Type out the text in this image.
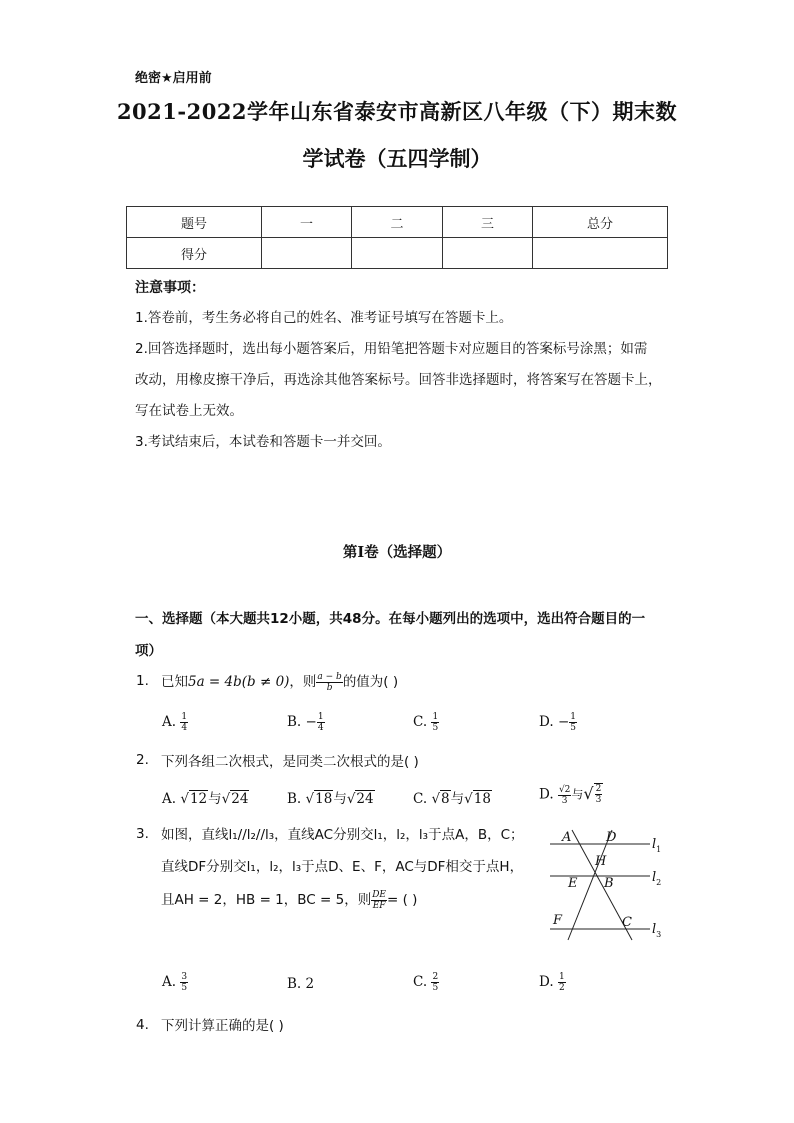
绝密★启用前
2021-2022学年山东省泰安市高新区八年级（下）期末数
学试卷（五四学制）
题号	一	二	三	总分
得分				
注意事项：
1.答卷前，考生务必将自己的姓名、准考证号填写在答题卡上。
2.回答选择题时，选出每小题答案后，用铅笔把答题卡对应题目的答案标号涂黑；如需
改动，用橡皮擦干净后，再选涂其他答案标号。回答非选择题时，将答案写在答题卡上，
写在试卷上无效。
3.考试结束后，本试卷和答题卡一并交回。
第Ⅰ卷（选择题）
一、选择题（本大题共12小题，共48分。在每小题列出的选项中，选出符合题目的一
项）
1. 已知5a = 4b(b ≠ 0)，则 $\frac{a - b}{b}$ 的值为( )
A. $\frac{1}{4}$	B. − $\frac{1}{4}$	C. $\frac{1}{5}$	D. − $\frac{1}{5}$
2. 下列各组二次根式，是同类二次根式的是( )
A. √12与√24	B. √18与√24	C. √8与√18	D. $\frac{√2}{3}$ 与√ $\frac{2}{3}$
3. 如图，直线l₁//l₂//l₃，直线AC分别交l₁，l₂，l₃于点A，B，C；
直线DF分别交l₁，l₂，l₃于点D、E、F，AC与DF相交于点H，
且AH = 2，HB = 1，BC = 5，则 $\frac{DE}{EF}$ = ( )
A	D
H
E B
F	C
$l_1$
$l_2$
$l_3$
A. $\frac{3}{5}$	B. 2	C. $\frac{2}{5}$	D. $\frac{1}{2}$
4. 下列计算正确的是( )
